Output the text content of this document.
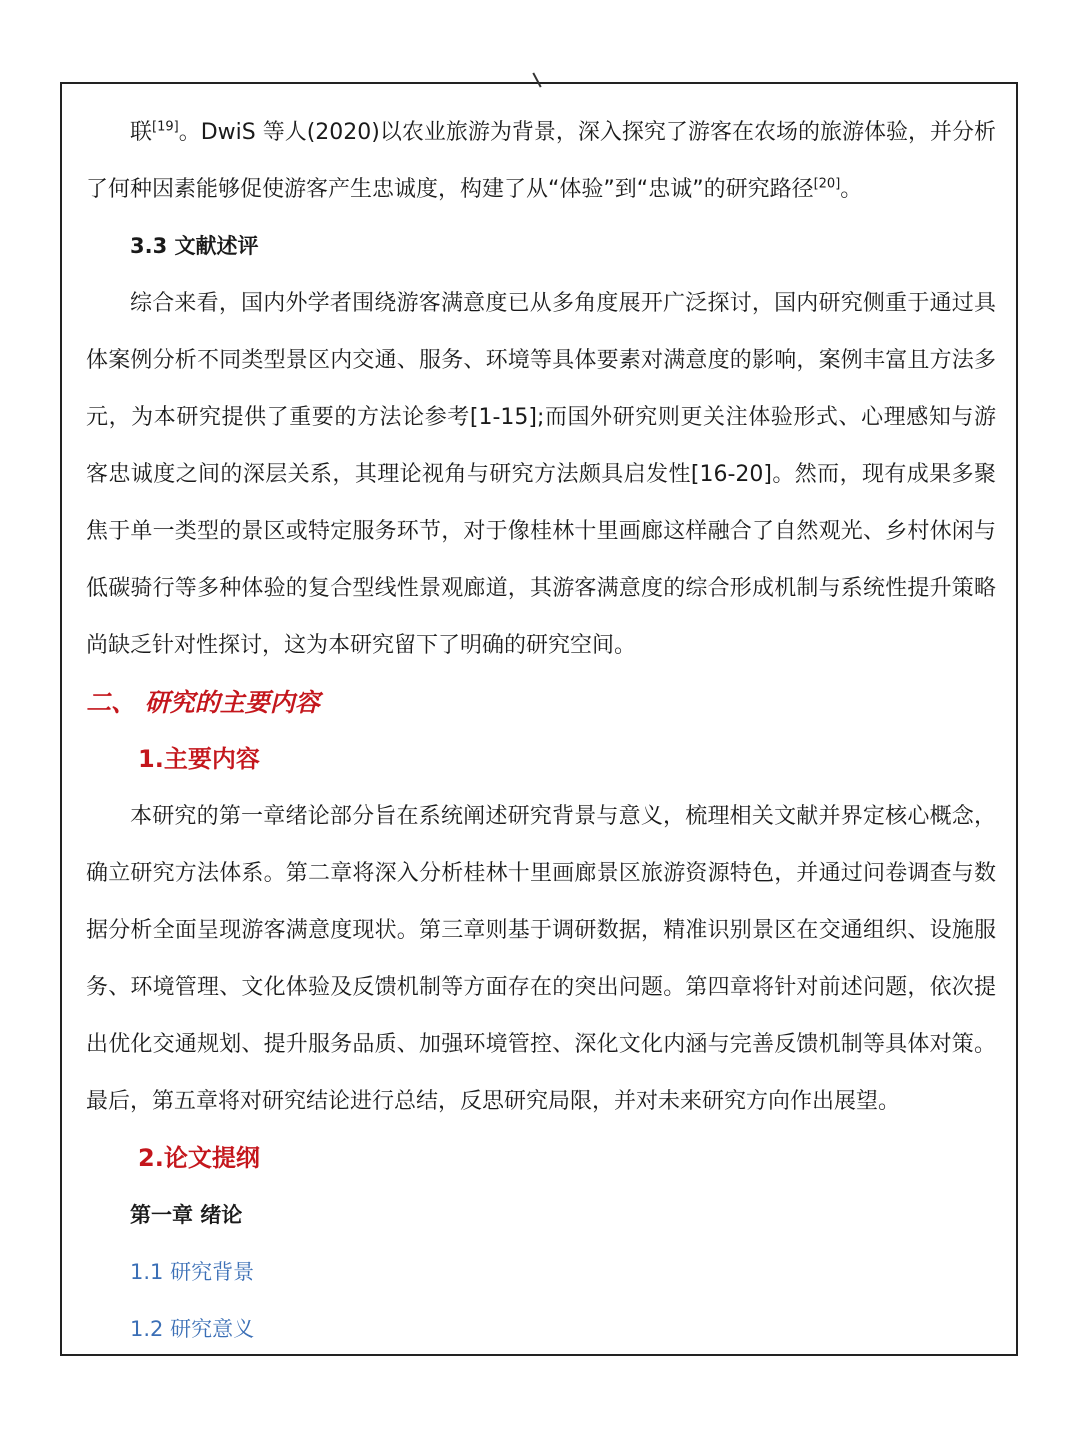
联[19]。DwiS 等人(2020)以农业旅游为背景，深入探究了游客在农场的旅游体验，并分析了何种因素能够促使游客产生忠诚度，构建了从“体验”到“忠诚”的研究路径[20]。

3.3 文献述评

综合来看，国内外学者围绕游客满意度已从多角度展开广泛探讨，国内研究侧重于通过具体案例分析不同类型景区内交通、服务、环境等具体要素对满意度的影响，案例丰富且方法多元，为本研究提供了重要的方法论参考[1-15];而国外研究则更关注体验形式、心理感知与游客忠诚度之间的深层关系，其理论视角与研究方法颇具启发性[16-20]。然而，现有成果多聚焦于单一类型的景区或特定服务环节，对于像桂林十里画廊这样融合了自然观光、乡村休闲与低碳骑行等多种体验的复合型线性景观廊道，其游客满意度的综合形成机制与系统性提升策略尚缺乏针对性探讨，这为本研究留下了明确的研究空间。

二、 研究的主要内容
1.主要内容

本研究的第一章绪论部分旨在系统阐述研究背景与意义，梳理相关文献并界定核心概念，确立研究方法体系。第二章将深入分析桂林十里画廊景区旅游资源特色，并通过问卷调查与数据分析全面呈现游客满意度现状。第三章则基于调研数据，精准识别景区在交通组织、设施服务、环境管理、文化体验及反馈机制等方面存在的突出问题。第四章将针对前述问题，依次提出优化交通规划、提升服务品质、加强环境管控、深化文化内涵与完善反馈机制等具体对策。最后，第五章将对研究结论进行总结，反思研究局限，并对未来研究方向作出展望。

2.论文提纲
第一章 绪论
1.1 研究背景
1.2 研究意义
